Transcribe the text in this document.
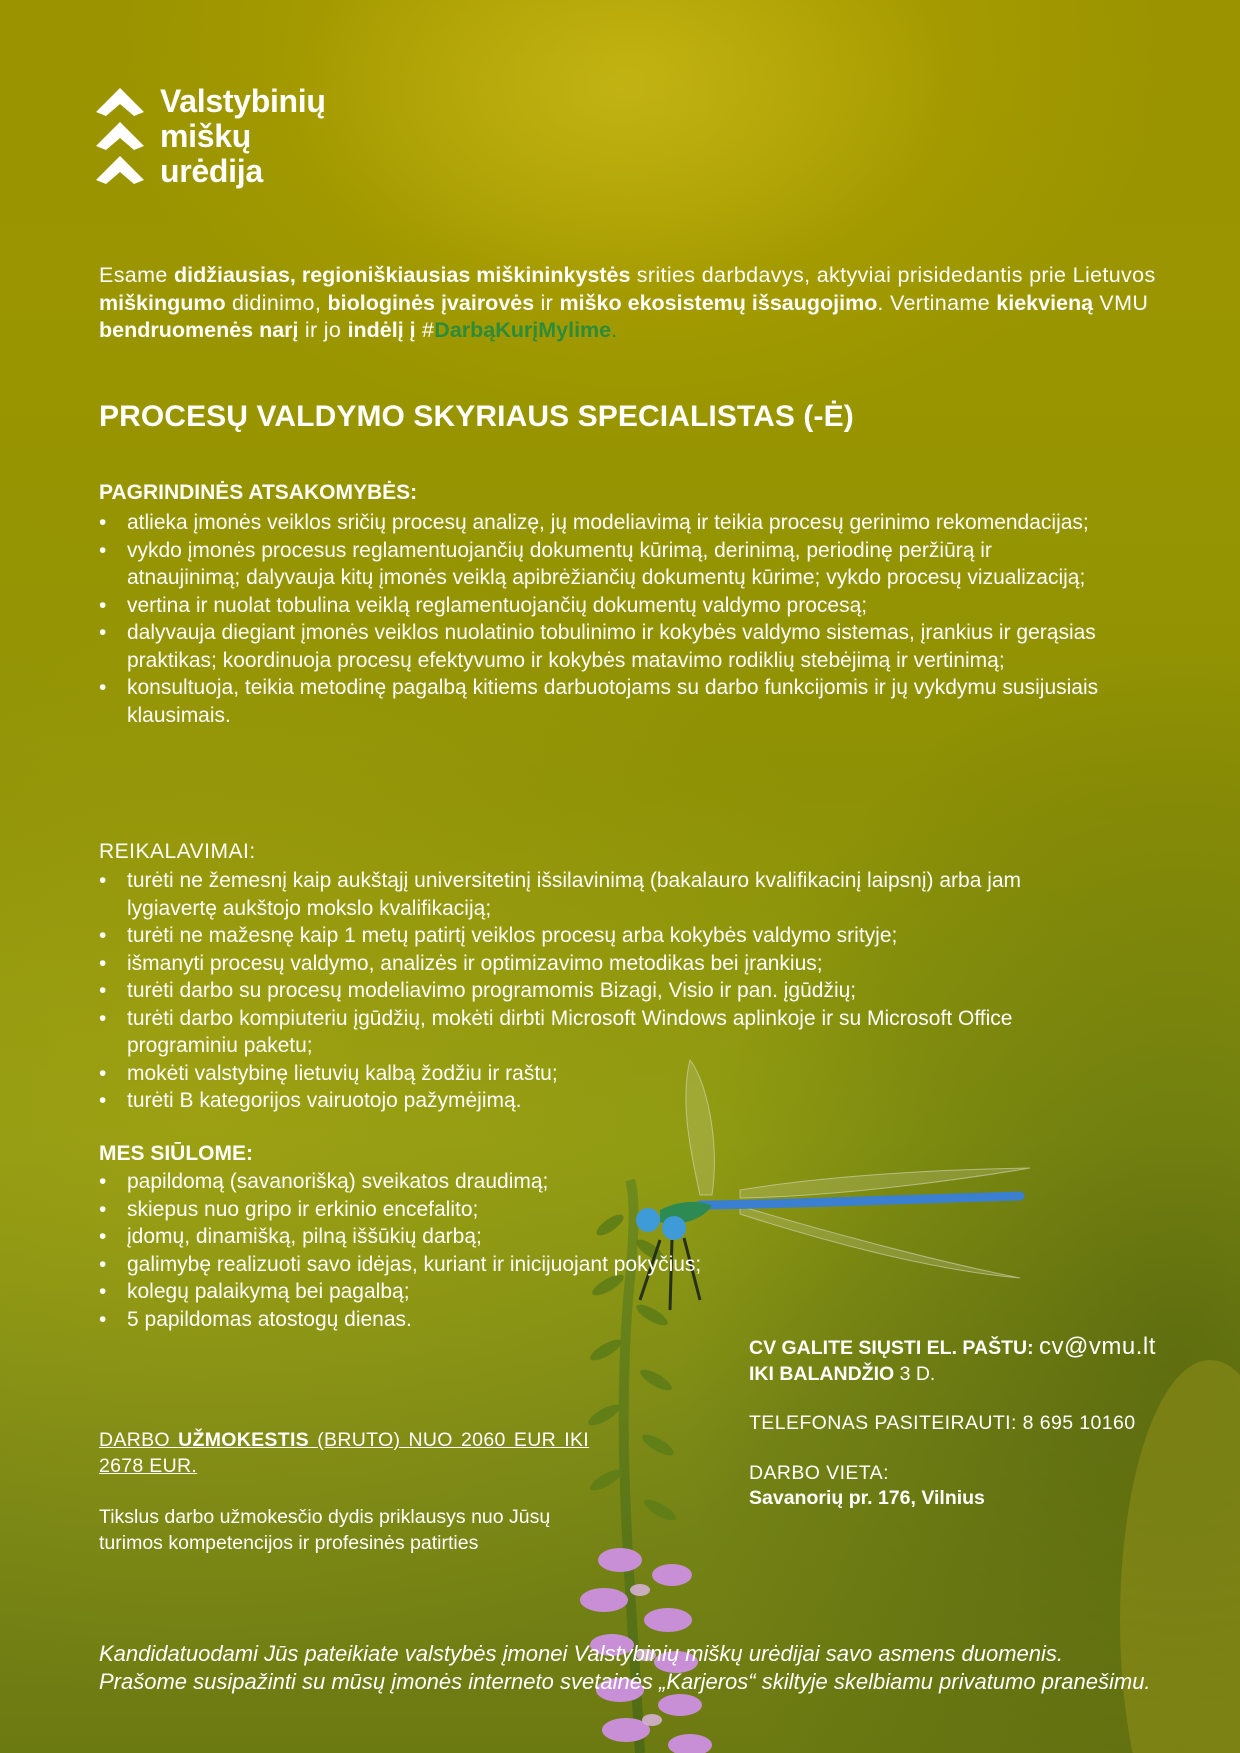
Valstybinių
miškų
urėdija
Esame didžiausias, regioniškiausias miškininkystės srities darbdavys, aktyviai prisidedantis prie Lietuvos miškingumo didinimo, biologinės įvairovės ir miško ekosistemų išsaugojimo. Vertiname kiekvieną VMU bendruomenės narį ir jo indėlį į #DarbąKurįMylime.
PROCESŲ VALDYMO SKYRIAUS SPECIALISTAS (-Ė)
PAGRINDINĖS ATSAKOMYBĖS:
• atlieka įmonės veiklos sričių procesų analizę, jų modeliavimą ir teikia procesų gerinimo rekomendacijas;
• vykdo įmonės procesus reglamentuojančių dokumentų kūrimą, derinimą, periodinę peržiūrą ir atnaujinimą; dalyvauja kitų įmonės veiklą apibrėžiančių dokumentų kūrime; vykdo procesų vizualizaciją;
• vertina ir nuolat tobulina veiklą reglamentuojančių dokumentų valdymo procesą;
• dalyvauja diegiant įmonės veiklos nuolatinio tobulinimo ir kokybės valdymo sistemas, įrankius ir gerąsias praktikas; koordinuoja procesų efektyvumo ir kokybės matavimo rodiklių stebėjimą ir vertinimą;
• konsultuoja, teikia metodinę pagalbą kitiems darbuotojams su darbo funkcijomis ir jų vykdymu susijusiais klausimais.
REIKALAVIMAI:
• turėti ne žemesnį kaip aukštąjį universitetinį išsilavinimą (bakalauro kvalifikacinį laipsnį) arba jam lygiavertę aukštojo mokslo kvalifikaciją;
• turėti ne mažesnę kaip 1 metų patirtį veiklos procesų arba kokybės valdymo srityje;
• išmanyti procesų valdymo, analizės ir optimizavimo metodikas bei įrankius;
• turėti darbo su procesų modeliavimo programomis Bizagi, Visio ir pan. įgūdžių;
• turėti darbo kompiuteriu įgūdžių, mokėti dirbti Microsoft Windows aplinkoje ir su Microsoft Office programiniu paketu;
• mokėti valstybinę lietuvių kalbą žodžiu ir raštu;
• turėti B kategorijos vairuotojo pažymėjimą.
MES SIŪLOME:
• papildomą (savanorišką) sveikatos draudimą;
• skiepus nuo gripo ir erkinio encefalito;
• įdomų, dinamišką, pilną iššūkių darbą;
• galimybę realizuoti savo idėjas, kuriant ir inicijuojant pokyčius;
• kolegų palaikymą bei pagalbą;
• 5 papildomas atostogų dienas.
DARBO UŽMOKESTIS (BRUTO) NUO 2060 EUR IKI 2678 EUR.
Tikslus darbo užmokesčio dydis priklausys nuo Jūsų turimos kompetencijos ir profesinės patirties
CV GALITE SIŲSTI EL. PAŠTU: cv@vmu.lt
IKI BALANDŽIO 3 D.
TELEFONAS PASITEIRAUTI: 8 695 10160
DARBO VIETA:
Savanorių pr. 176, Vilnius
Kandidatuodami Jūs pateikiate valstybės įmonei Valstybinių miškų urėdijai savo asmens duomenis.
Prašome susipažinti su mūsų įmonės interneto svetainės „Karjeros“ skiltyje skelbiamu privatumo pranešimu.
